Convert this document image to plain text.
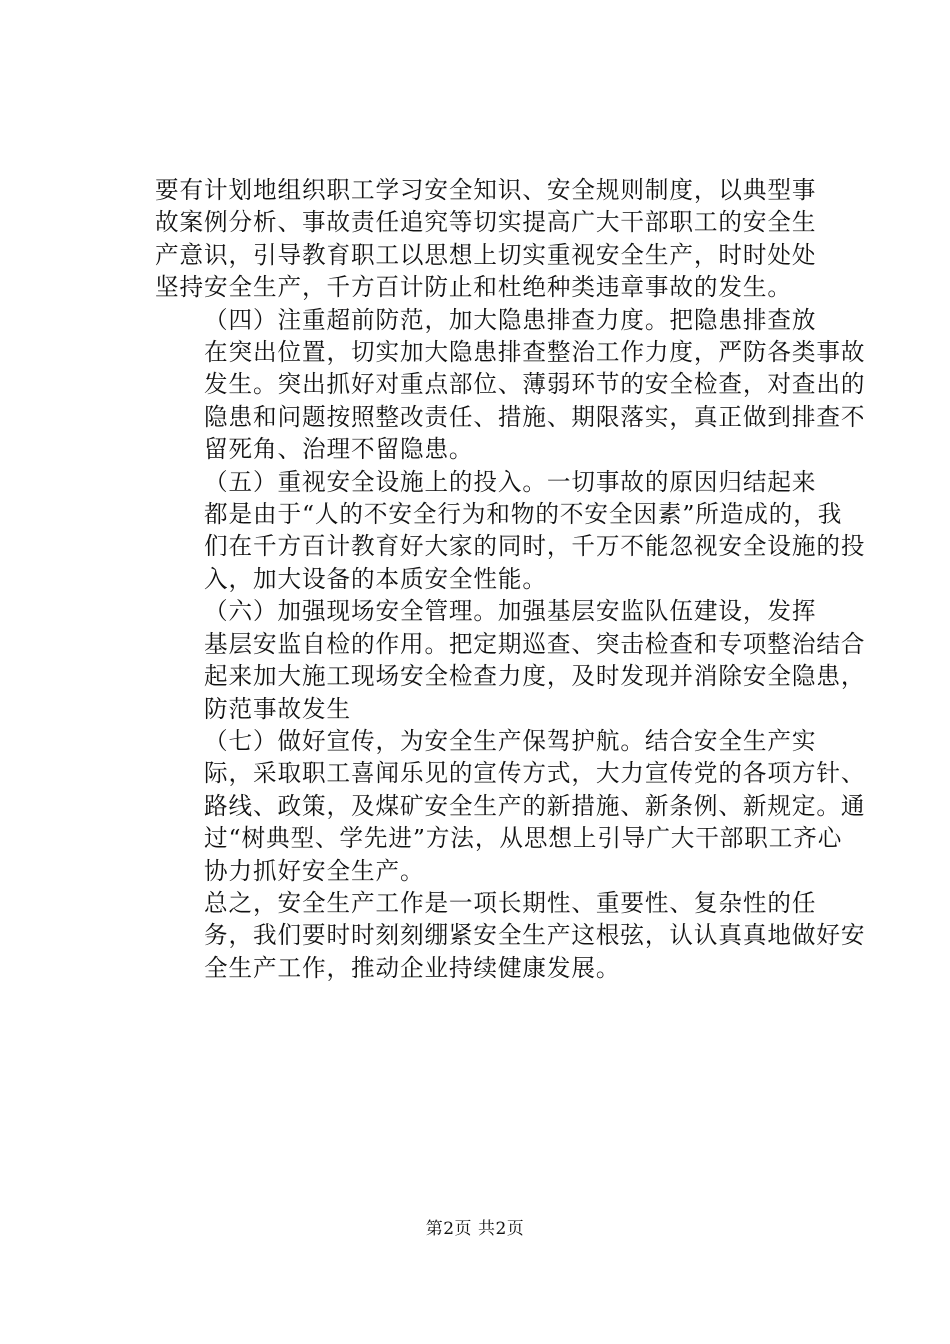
要有计划地组织职工学习安全知识、安全规则制度，以典型事
故案例分析、事故责任追究等切实提高广大干部职工的安全生
产意识，引导教育职工以思想上切实重视安全生产，时时处处
坚持安全生产，千方百计防止和杜绝种类违章事故的发生。

（四）注重超前防范，加大隐患排查力度。把隐患排查放
在突出位置，切实加大隐患排查整治工作力度，严防各类事故
发生。突出抓好对重点部位、薄弱环节的安全检查，对查出的
隐患和问题按照整改责任、措施、期限落实，真正做到排查不
留死角、治理不留隐患。

（五）重视安全设施上的投入。一切事故的原因归结起来
都是由于“人的不安全行为和物的不安全因素”所造成的，我
们在千方百计教育好大家的同时，千万不能忽视安全设施的投
入，加大设备的本质安全性能。

（六）加强现场安全管理。加强基层安监队伍建设，发挥
基层安监自检的作用。把定期巡查、突击检查和专项整治结合
起来加大施工现场安全检查力度，及时发现并消除安全隐患，
防范事故发生

（七）做好宣传，为安全生产保驾护航。结合安全生产实
际，采取职工喜闻乐见的宣传方式，大力宣传党的各项方针、
路线、政策，及煤矿安全生产的新措施、新条例、新规定。通
过“树典型、学先进”方法，从思想上引导广大干部职工齐心
协力抓好安全生产。

总之，安全生产工作是一项长期性、重要性、复杂性的任
务，我们要时时刻刻绷紧安全生产这根弦，认认真真地做好安
全生产工作，推动企业持续健康发展。

第2页 共2页
